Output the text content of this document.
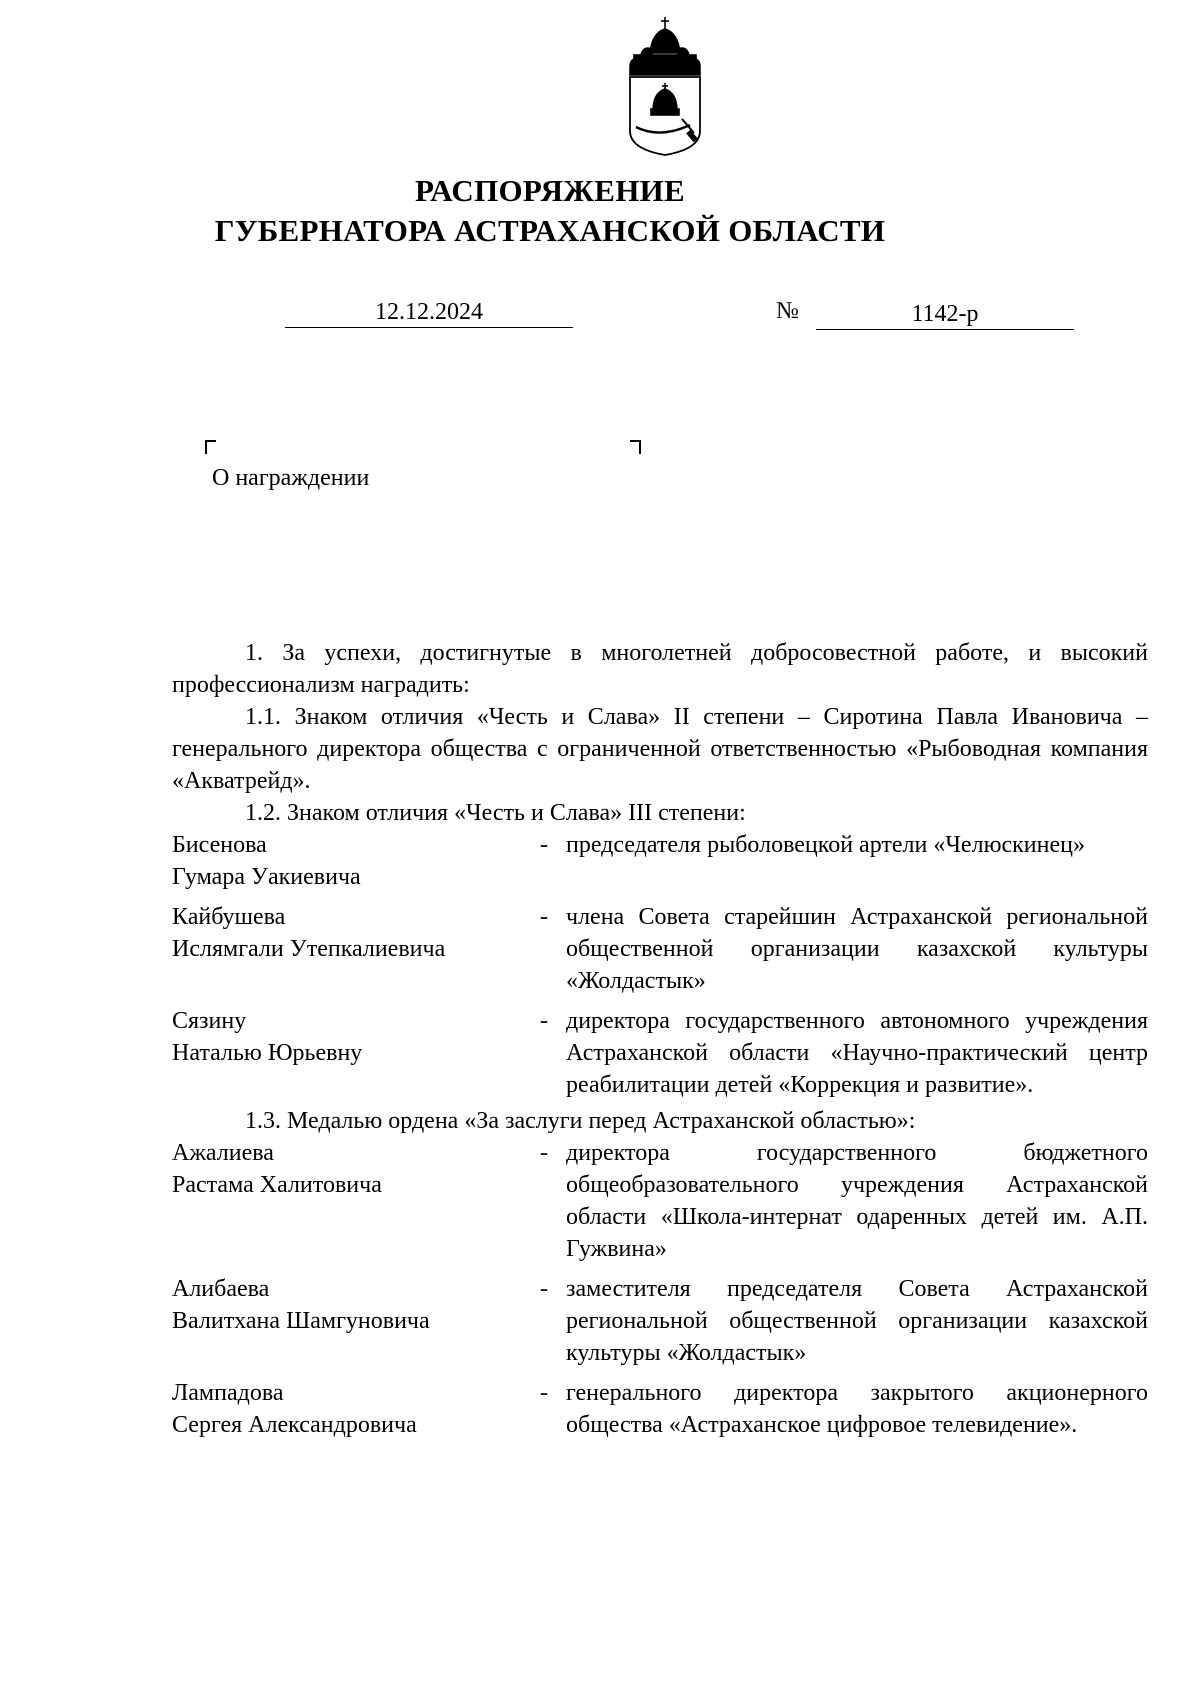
РАСПОРЯЖЕНИЕ
ГУБЕРНАТОРА АСТРАХАНСКОЙ ОБЛАСТИ
12.12.2024	№	1142-р
О награждении

1. За успехи, достигнутые в многолетней добросовестной работе, и высокий профессионализм наградить:

1.1. Знаком отличия «Честь и Слава» II степени – Сиротина Павла Ивановича – генерального директора общества с ограниченной ответственностью «Рыбоводная компания «Акватрейд».

1.2. Знаком отличия «Честь и Слава» III степени:

Бисенова
Гумара Уакиевича
- председателя рыболовецкой артели «Челюскинец»
Кайбушева
Ислямгали Утепкалиевича
- члена Совета старейшин Астраханской региональной общественной организации казахской культуры «Жолдастык»
Сязину
Наталью Юрьевну
- директора государственного автономного учреждения Астраханской области «Научно-практический центр реабилитации детей «Коррекция и развитие».

1.3. Медалью ордена «За заслуги перед Астраханской областью»:

Ажалиева
Растама Халитовича
- директора государственного бюджетного общеобразовательного учреждения Астраханской области «Школа-интернат одаренных детей им. А.П. Гужвина»
Алибаева
Валитхана Шамгуновича
- заместителя председателя Совета Астраханской региональной общественной организации казахской культуры «Жолдастык»
Лампадова
Сергея Александровича
- генерального директора закрытого акционерного общества «Астраханское цифровое телевидение».
